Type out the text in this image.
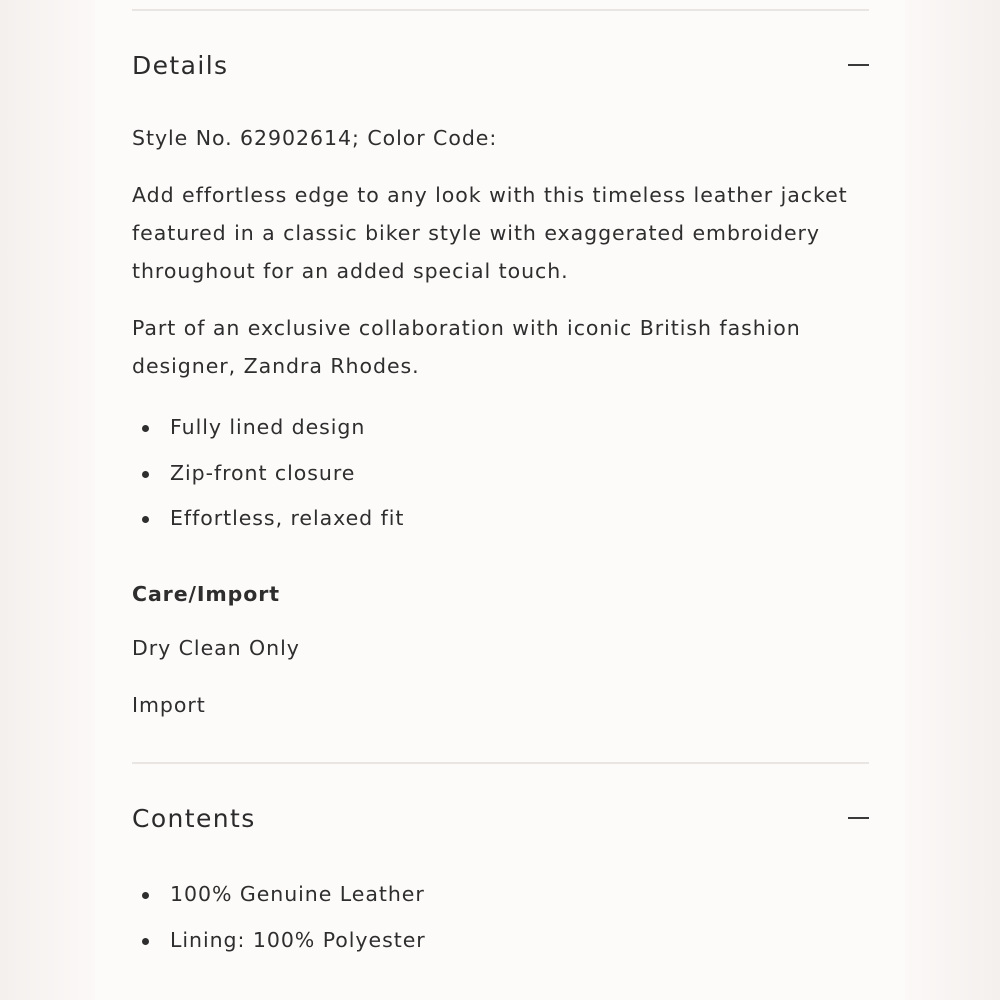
Details

Style No. 62902614; Color Code:

Add effortless edge to any look with this timeless leather jacket featured in a classic biker style with exaggerated embroidery throughout for an added special touch.

Part of an exclusive collaboration with iconic British fashion designer, Zandra Rhodes.

Fully lined design
Zip-front closure
Effortless, relaxed fit

Care/Import

Dry Clean Only

Import

Contents
100% Genuine Leather
Lining: 100% Polyester
